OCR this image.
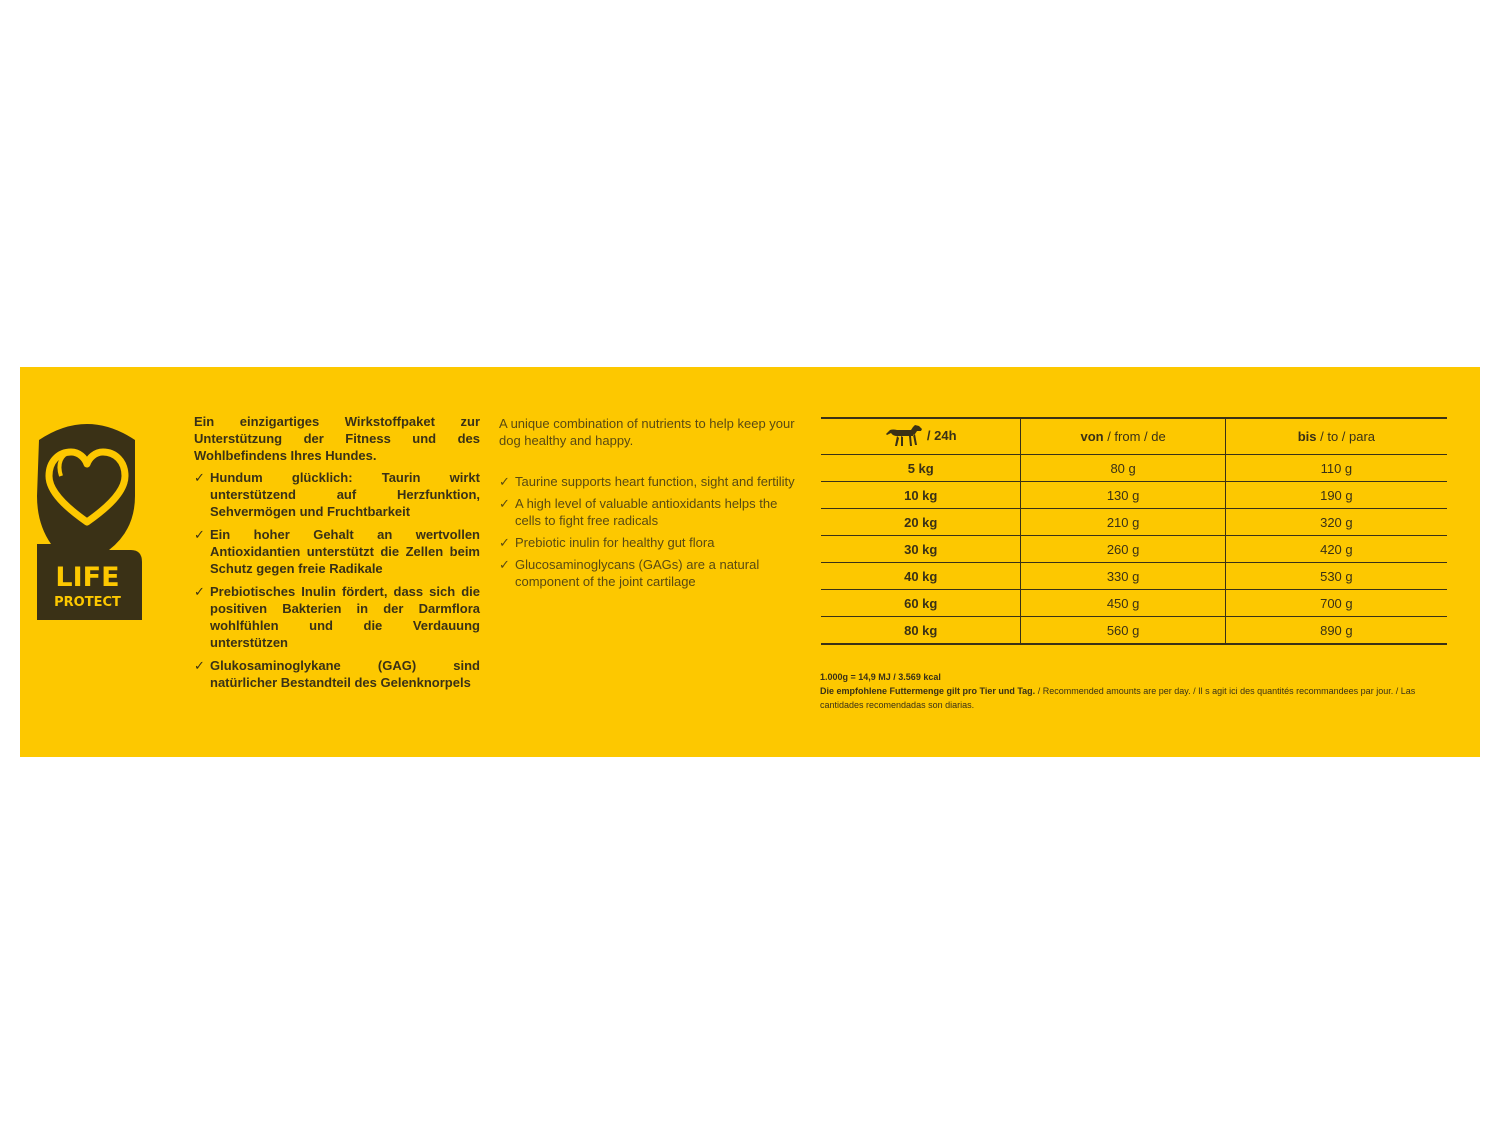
LIFE
PROTECT

Ein einzigartiges Wirkstoffpaket zur Unterstützung der Fitness und des Wohlbefindens Ihres Hundes.

✓ Hundum glücklich: Taurin wirkt unterstützend auf Herzfunktion, Sehvermögen und Fruchtbarkeit
✓ Ein hoher Gehalt an wertvollen Antioxidantien unterstützt die Zellen beim Schutz gegen freie Radikale
✓ Prebiotisches Inulin fördert, dass sich die positiven Bakterien in der Darmflora wohlfühlen und die Verdauung unterstützen
✓ Glukosaminoglykane (GAG) sind natürlicher Bestandteil des Gelenknorpels

A unique combination of nutrients to help keep your dog healthy and happy.

✓ Taurine supports heart function, sight and fertility
✓ A high level of valuable antioxidants helps the cells to fight free radicals
✓ Prebiotic inulin for healthy gut flora
✓ Glucosaminoglycans (GAGs) are a natural component of the joint cartilage
/ 24h	von / from / de	bis / to / para
5 kg	80 g	110 g
10 kg	130 g	190 g
20 kg	210 g	320 g
30 kg	260 g	420 g
40 kg	330 g	530 g
60 kg	450 g	700 g
80 kg	560 g	890 g
1.000g = 14,9 MJ / 3.569 kcal
Die empfohlene Futtermenge gilt pro Tier und Tag. / Recommended amounts are per day. / Il s agit ici des quantités recommandees par jour. / Las cantidades recomendadas son diarias.
